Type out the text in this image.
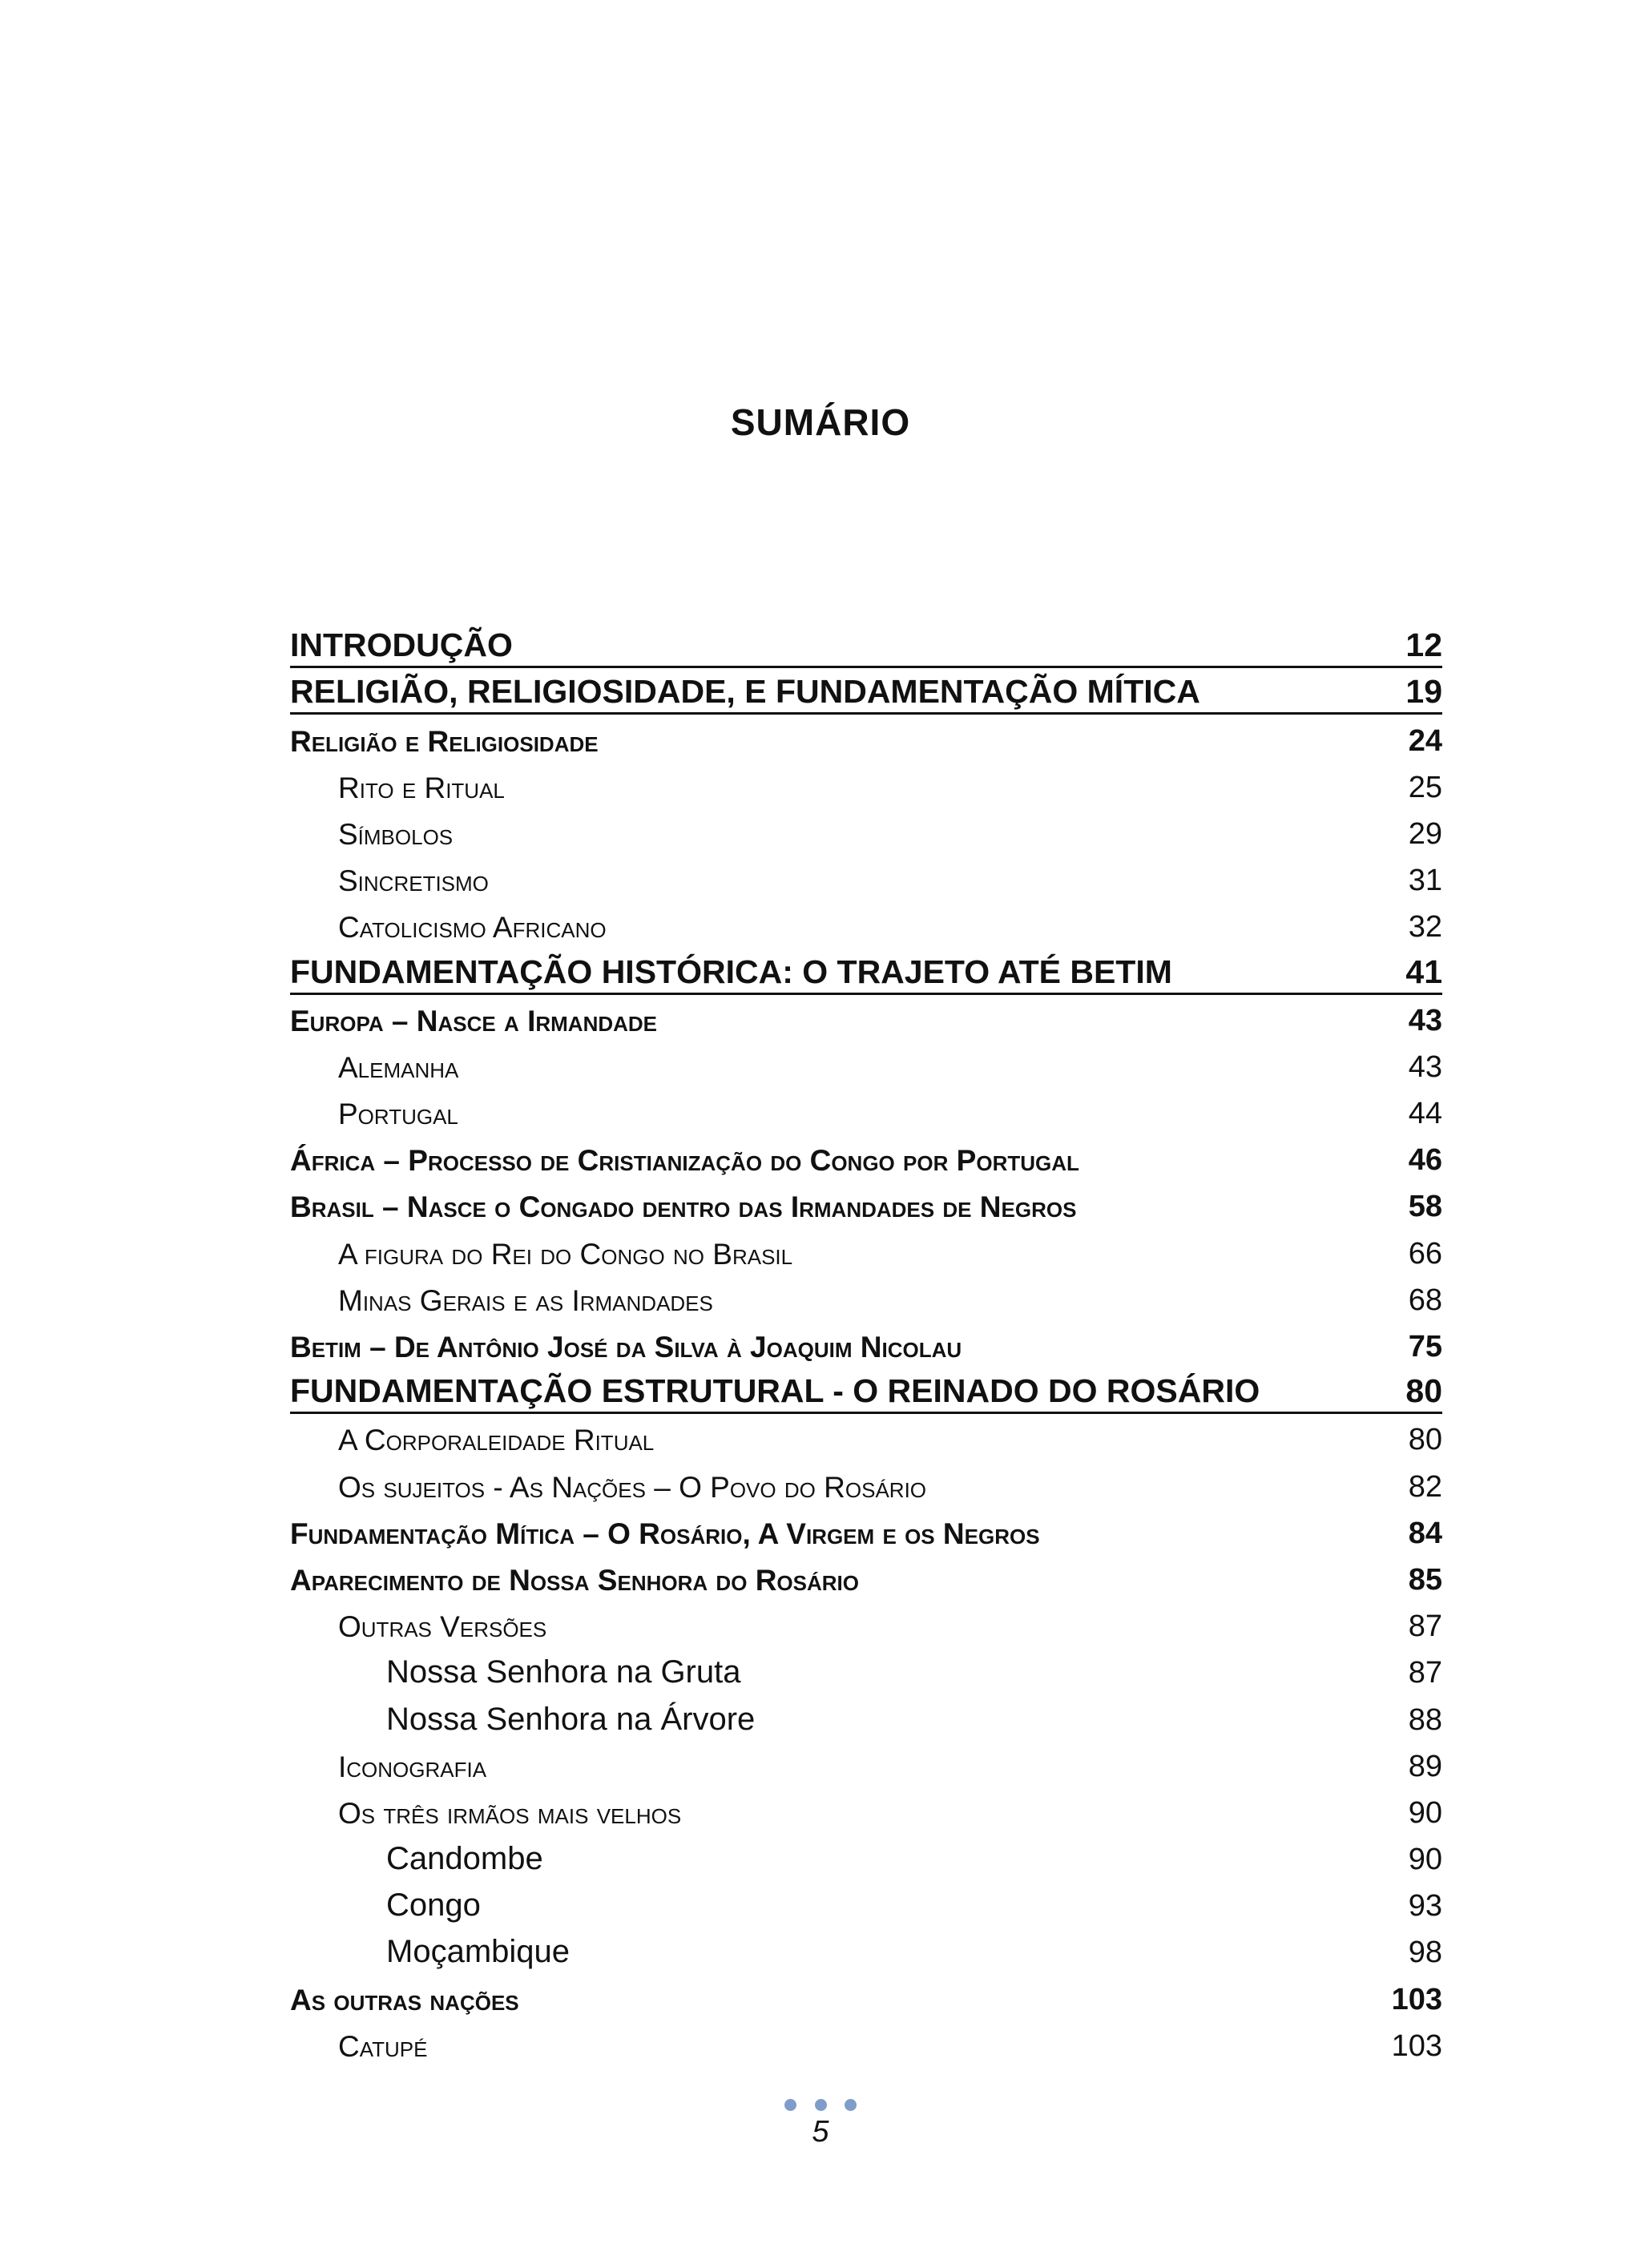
SUMÁRIO
INTRODUÇÃO	12
RELIGIÃO, RELIGIOSIDADE, E FUNDAMENTAÇÃO MÍTICA	19
Religião e Religiosidade	24
Rito e Ritual	25
Símbolos	29
Sincretismo	31
Catolicismo Africano	32
FUNDAMENTAÇÃO HISTÓRICA: O TRAJETO ATÉ BETIM	41
Europa – Nasce a Irmandade	43
Alemanha	43
Portugal	44
África – Processo de Cristianização do Congo por Portugal	46
Brasil – Nasce o Congado dentro das Irmandades de Negros	58
A figura do Rei do Congo no Brasil	66
Minas Gerais e as Irmandades	68
Betim – De Antônio José da Silva à Joaquim Nicolau	75
FUNDAMENTAÇÃO ESTRUTURAL - O REINADO DO ROSÁRIO	80
A Corporaleidade Ritual	80
Os sujeitos - As Nações – O Povo do Rosário	82
Fundamentação Mítica – O Rosário, A Virgem e os Negros	84
Aparecimento de Nossa Senhora do Rosário	85
Outras Versões	87
Nossa Senhora na Gruta	87
Nossa Senhora na Árvore	88
Iconografia	89
Os três irmãos mais velhos	90
Candombe	90
Congo	93
Moçambique	98
As outras nações	103
Catupé	103

5
